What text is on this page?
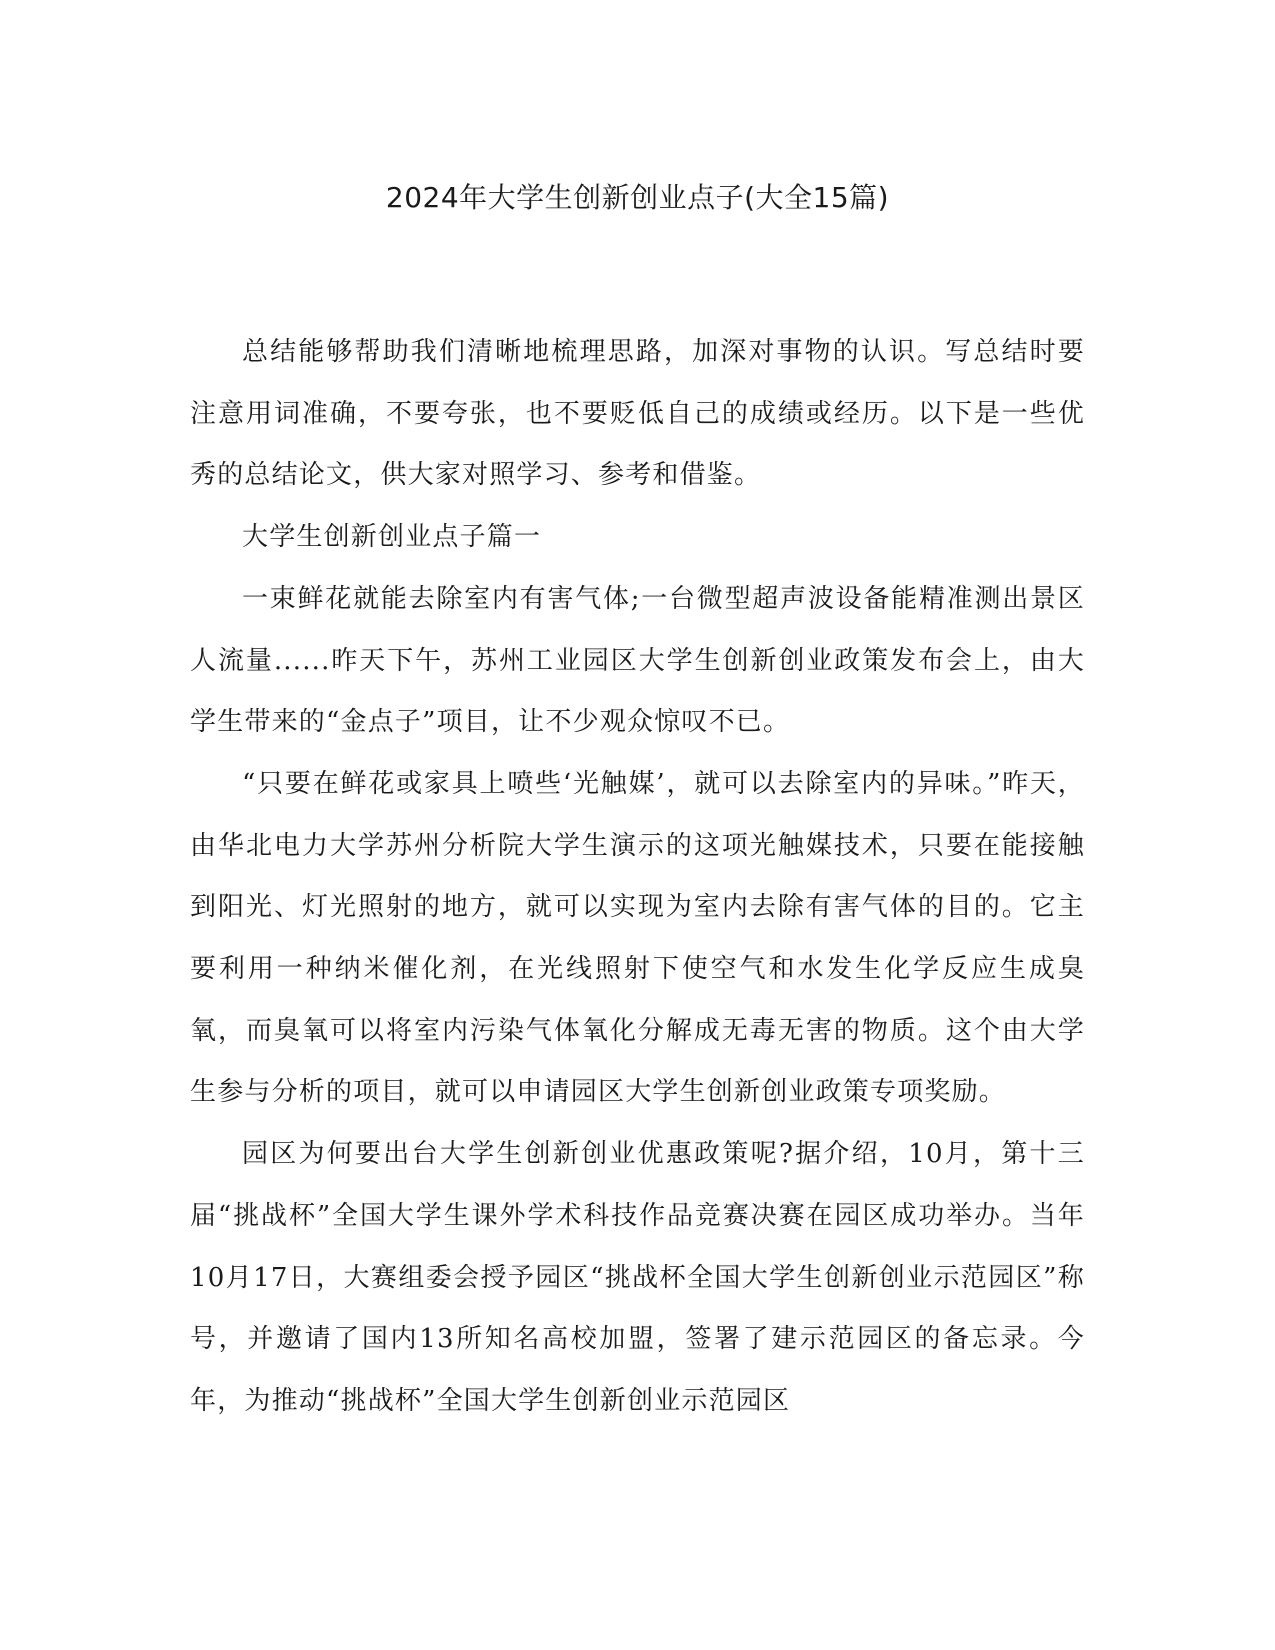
2024年大学生创新创业点子(大全15篇)

总结能够帮助我们清晰地梳理思路，加深对事物的认识。写总结时要注意用词准确，不要夸张，也不要贬低自己的成绩或经历。以下是一些优秀的总结论文，供大家对照学习、参考和借鉴。

大学生创新创业点子篇一

一束鲜花就能去除室内有害气体;一台微型超声波设备能精准测出景区人流量......昨天下午，苏州工业园区大学生创新创业政策发布会上，由大学生带来的“金点子”项目，让不少观众惊叹不已。

“只要在鲜花或家具上喷些‘光触媒’，就可以去除室内的异味。”昨天，由华北电力大学苏州分析院大学生演示的这项光触媒技术，只要在能接触到阳光、灯光照射的地方，就可以实现为室内去除有害气体的目的。它主要利用一种纳米催化剂，在光线照射下使空气和水发生化学反应生成臭氧，而臭氧可以将室内污染气体氧化分解成无毒无害的物质。这个由大学生参与分析的项目，就可以申请园区大学生创新创业政策专项奖励。

园区为何要出台大学生创新创业优惠政策呢?据介绍，10月，第十三届“挑战杯”全国大学生课外学术科技作品竞赛决赛在园区成功举办。当年10月17日，大赛组委会授予园区“挑战杯全国大学生创新创业示范园区”称号，并邀请了国内13所知名高校加盟，签署了建示范园区的备忘录。今年，为推动“挑战杯”全国大学生创新创业示范园区
